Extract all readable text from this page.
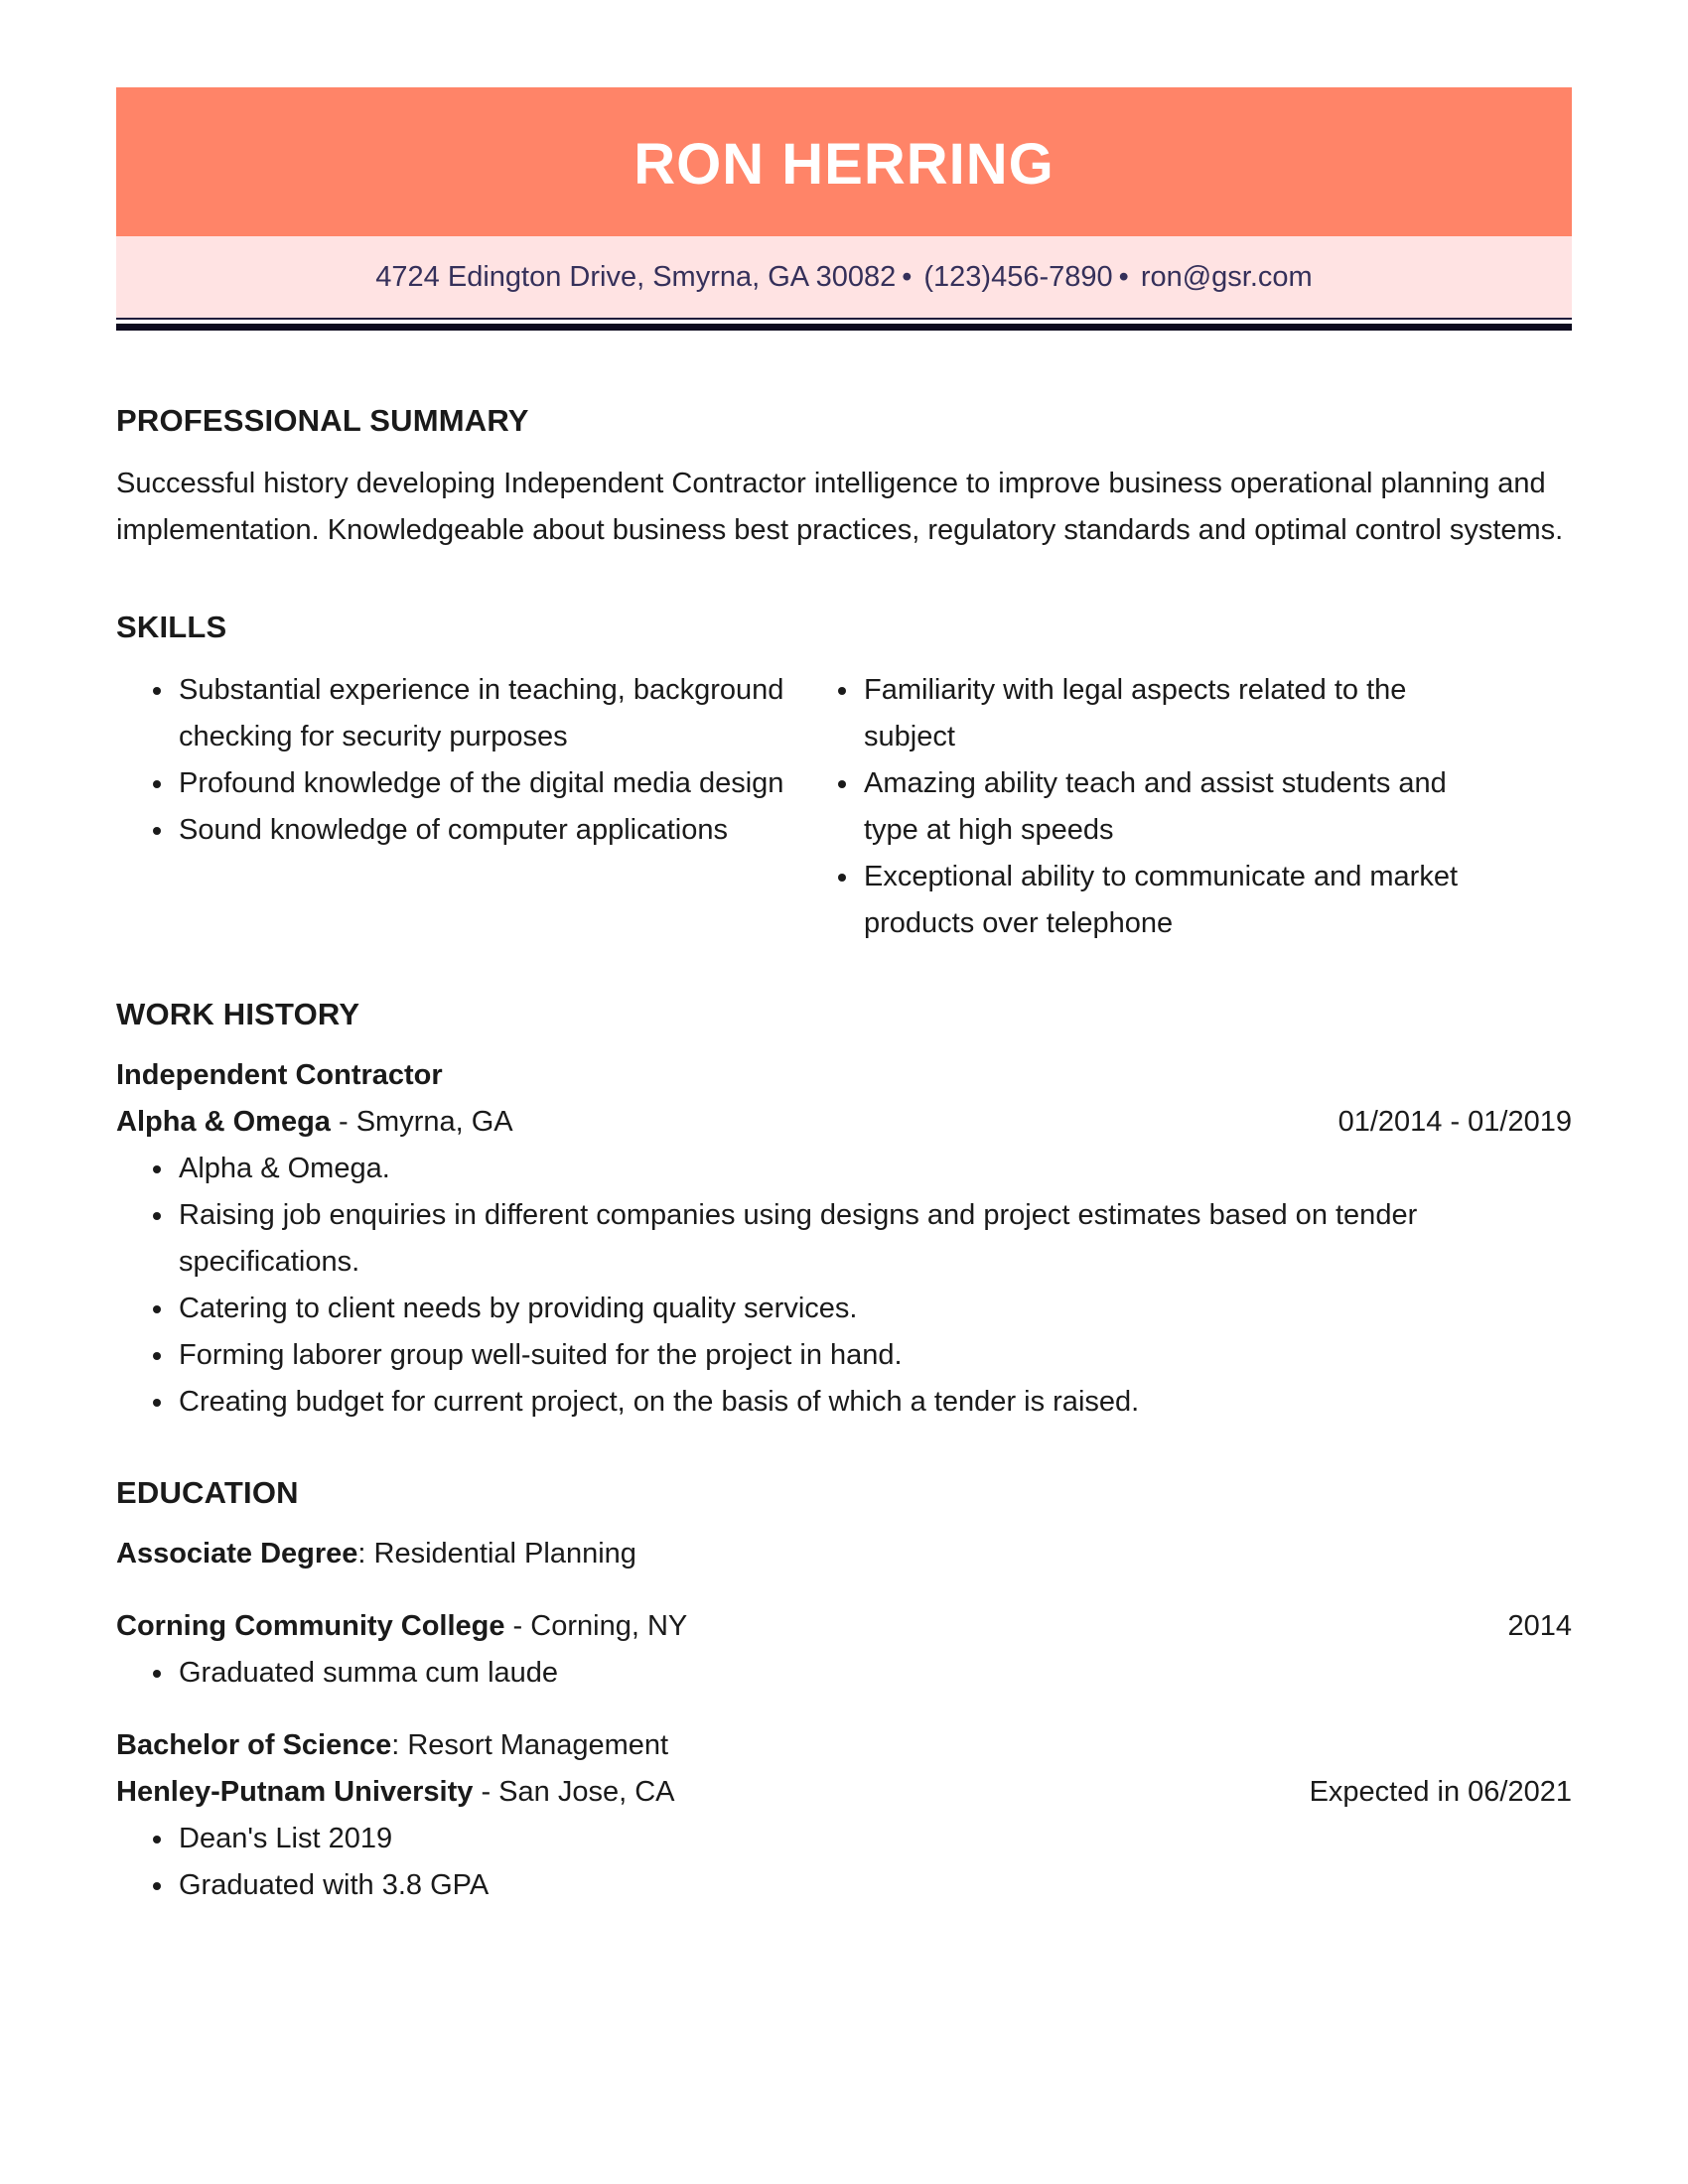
RON HERRING
4724 Edington Drive, Smyrna, GA 30082 • (123)456-7890 • ron@gsr.com
PROFESSIONAL SUMMARY
Successful history developing Independent Contractor intelligence to improve business operational planning and implementation. Knowledgeable about business best practices, regulatory standards and optimal control systems.
SKILLS
Substantial experience in teaching, background checking for security purposes
Profound knowledge of the digital media design
Sound knowledge of computer applications
Familiarity with legal aspects related to the subject
Amazing ability teach and assist students and type at high speeds
Exceptional ability to communicate and market products over telephone
WORK HISTORY
Independent Contractor
Alpha & Omega - Smyrna, GA	01/2014 - 01/2019
Alpha & Omega.
Raising job enquiries in different companies using designs and project estimates based on tender specifications.
Catering to client needs by providing quality services.
Forming laborer group well-suited for the project in hand.
Creating budget for current project, on the basis of which a tender is raised.
EDUCATION
Associate Degree: Residential Planning
Corning Community College - Corning, NY	2014
Graduated summa cum laude
Bachelor of Science: Resort Management
Henley-Putnam University - San Jose, CA	Expected in 06/2021
Dean's List 2019
Graduated with 3.8 GPA
